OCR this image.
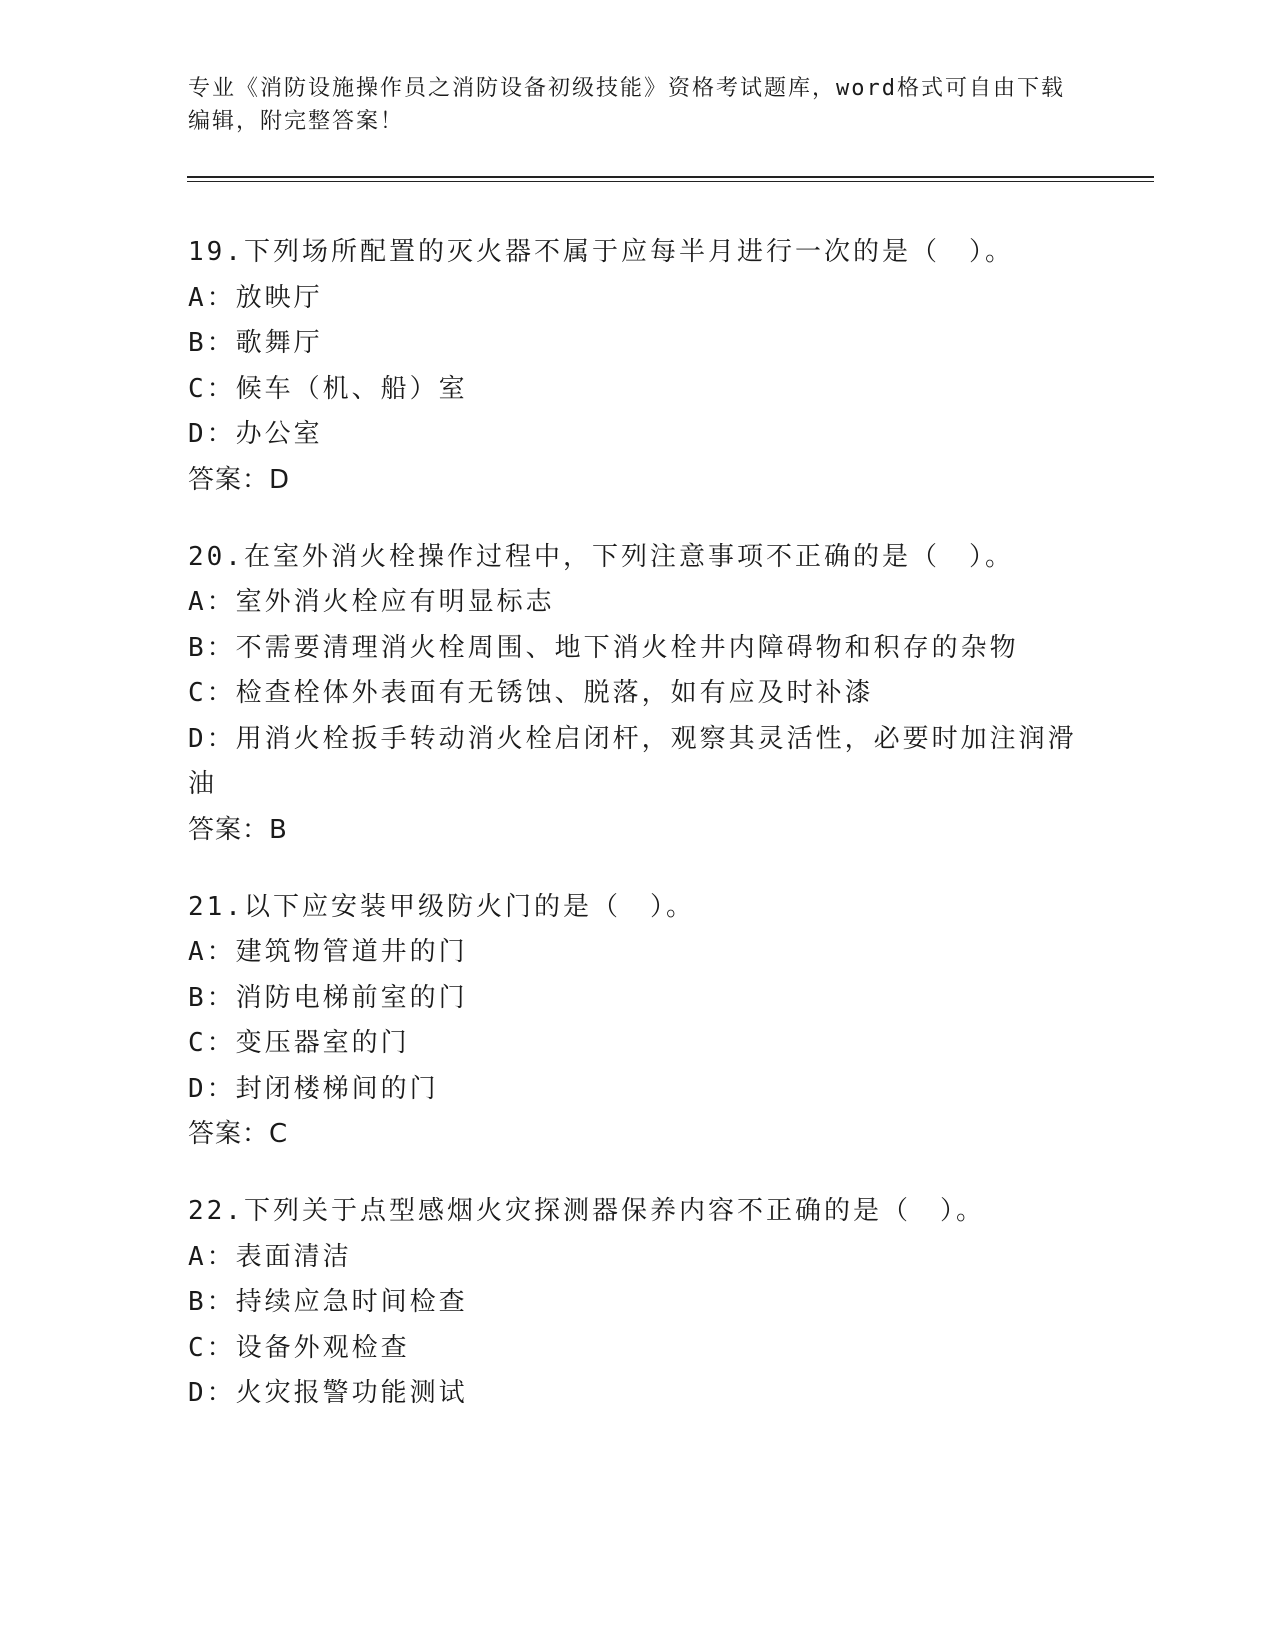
专业《消防设施操作员之消防设备初级技能》资格考试题库，word格式可自由下载编辑，附完整答案！
19.下列场所配置的灭火器不属于应每半月进行一次的是（　）。
A： 放映厅
B： 歌舞厅
C： 候车（机、船）室
D： 办公室
答案：D
20.在室外消火栓操作过程中，下列注意事项不正确的是（　）。
A： 室外消火栓应有明显标志
B： 不需要清理消火栓周围、地下消火栓井内障碍物和积存的杂物
C： 检查栓体外表面有无锈蚀、脱落，如有应及时补漆
D：用消火栓扳手转动消火栓启闭杆，观察其灵活性，必要时加注润滑油
答案：B
21.以下应安装甲级防火门的是（　）。
A： 建筑物管道井的门
B： 消防电梯前室的门
C： 变压器室的门
D： 封闭楼梯间的门
答案：C
22.下列关于点型感烟火灾探测器保养内容不正确的是（　）。
A： 表面清洁
B： 持续应急时间检查
C： 设备外观检查
D： 火灾报警功能测试
